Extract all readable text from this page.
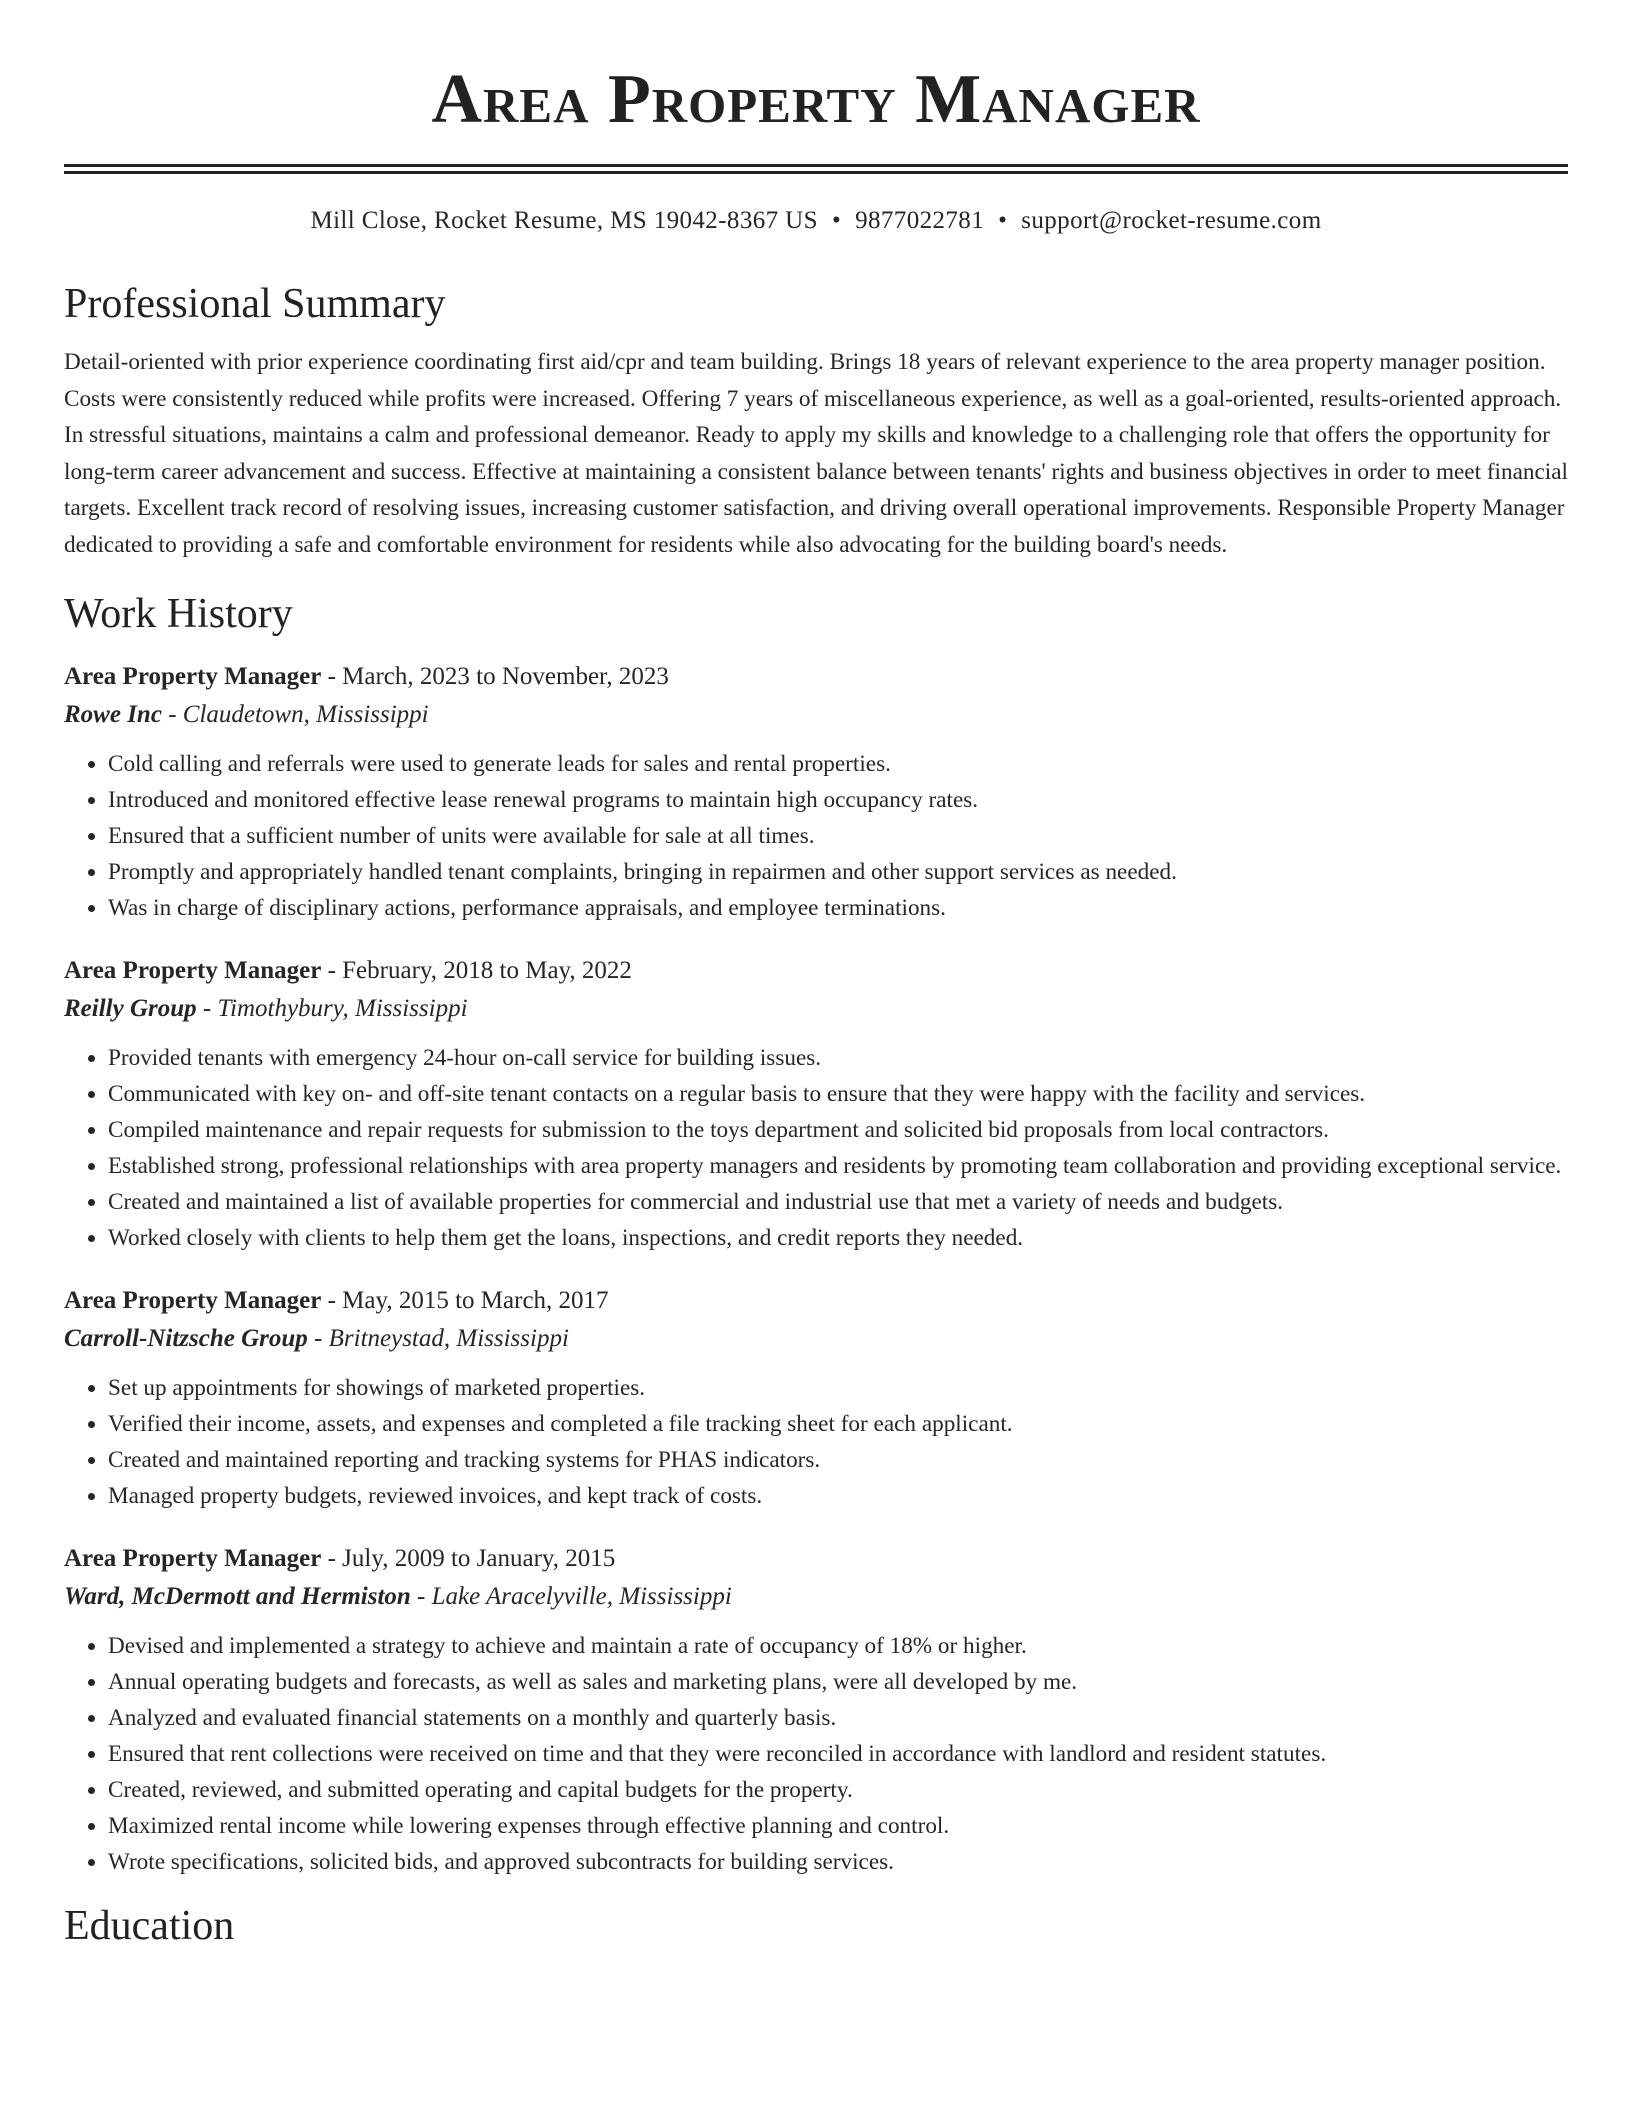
Area Property Manager
Mill Close, Rocket Resume, MS 19042-8367 US • 9877022781 • support@rocket-resume.com
Professional Summary

Detail-oriented with prior experience coordinating first aid/cpr and team building. Brings 18 years of relevant experience to the area property manager position. Costs were consistently reduced while profits were increased. Offering 7 years of miscellaneous experience, as well as a goal-oriented, results-oriented approach. In stressful situations, maintains a calm and professional demeanor. Ready to apply my skills and knowledge to a challenging role that offers the opportunity for long-term career advancement and success. Effective at maintaining a consistent balance between tenants' rights and business objectives in order to meet financial targets. Excellent track record of resolving issues, increasing customer satisfaction, and driving overall operational improvements. Responsible Property Manager dedicated to providing a safe and comfortable environment for residents while also advocating for the building board's needs.

Work History

Area Property Manager - March, 2023 to November, 2023

Rowe Inc - Claudetown, Mississippi

• Cold calling and referrals were used to generate leads for sales and rental properties.
• Introduced and monitored effective lease renewal programs to maintain high occupancy rates.
• Ensured that a sufficient number of units were available for sale at all times.
• Promptly and appropriately handled tenant complaints, bringing in repairmen and other support services as needed.
• Was in charge of disciplinary actions, performance appraisals, and employee terminations.

Area Property Manager - February, 2018 to May, 2022

Reilly Group - Timothybury, Mississippi

• Provided tenants with emergency 24-hour on-call service for building issues.
• Communicated with key on- and off-site tenant contacts on a regular basis to ensure that they were happy with the facility and services.
• Compiled maintenance and repair requests for submission to the toys department and solicited bid proposals from local contractors.
• Established strong, professional relationships with area property managers and residents by promoting team collaboration and providing exceptional service.
• Created and maintained a list of available properties for commercial and industrial use that met a variety of needs and budgets.
• Worked closely with clients to help them get the loans, inspections, and credit reports they needed.

Area Property Manager - May, 2015 to March, 2017

Carroll-Nitzsche Group - Britneystad, Mississippi

• Set up appointments for showings of marketed properties.
• Verified their income, assets, and expenses and completed a file tracking sheet for each applicant.
• Created and maintained reporting and tracking systems for PHAS indicators.
• Managed property budgets, reviewed invoices, and kept track of costs.

Area Property Manager - July, 2009 to January, 2015

Ward, McDermott and Hermiston - Lake Aracelyville, Mississippi

• Devised and implemented a strategy to achieve and maintain a rate of occupancy of 18% or higher.
• Annual operating budgets and forecasts, as well as sales and marketing plans, were all developed by me.
• Analyzed and evaluated financial statements on a monthly and quarterly basis.
• Ensured that rent collections were received on time and that they were reconciled in accordance with landlord and resident statutes.
• Created, reviewed, and submitted operating and capital budgets for the property.
• Maximized rental income while lowering expenses through effective planning and control.
• Wrote specifications, solicited bids, and approved subcontracts for building services.
Education
